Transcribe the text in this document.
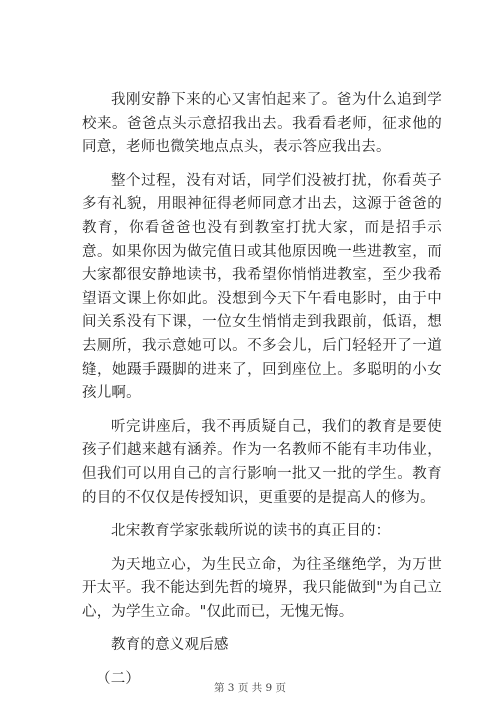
我刚安静下来的心又害怕起来了。爸为什么追到学校来。爸爸点头示意招我出去。我看看老师，征求他的同意，老师也微笑地点点头，表示答应我出去。

整个过程，没有对话，同学们没被打扰，你看英子多有礼貌，用眼神征得老师同意才出去，这源于爸爸的教育，你看爸爸也没有到教室打扰大家，而是招手示意。如果你因为做完值日或其他原因晚一些进教室，而大家都很安静地读书，我希望你悄悄进教室，至少我希望语文课上你如此。没想到今天下午看电影时，由于中间关系没有下课，一位女生悄悄走到我跟前，低语，想去厕所，我示意她可以。不多会儿，后门轻轻开了一道缝，她蹑手蹑脚的进来了，回到座位上。多聪明的小女孩儿啊。

听完讲座后，我不再质疑自己，我们的教育是要使孩子们越来越有涵养。作为一名教师不能有丰功伟业，但我们可以用自己的言行影响一批又一批的学生。教育的目的不仅仅是传授知识，更重要的是提高人的修为。

北宋教育学家张载所说的读书的真正目的：

为天地立心，为生民立命，为往圣继绝学，为万世开太平。我不能达到先哲的境界，我只能做到"为自己立心，为学生立命。"仅此而已，无愧无悔。

教育的意义观后感

（二）

第 3 页 共 9 页
